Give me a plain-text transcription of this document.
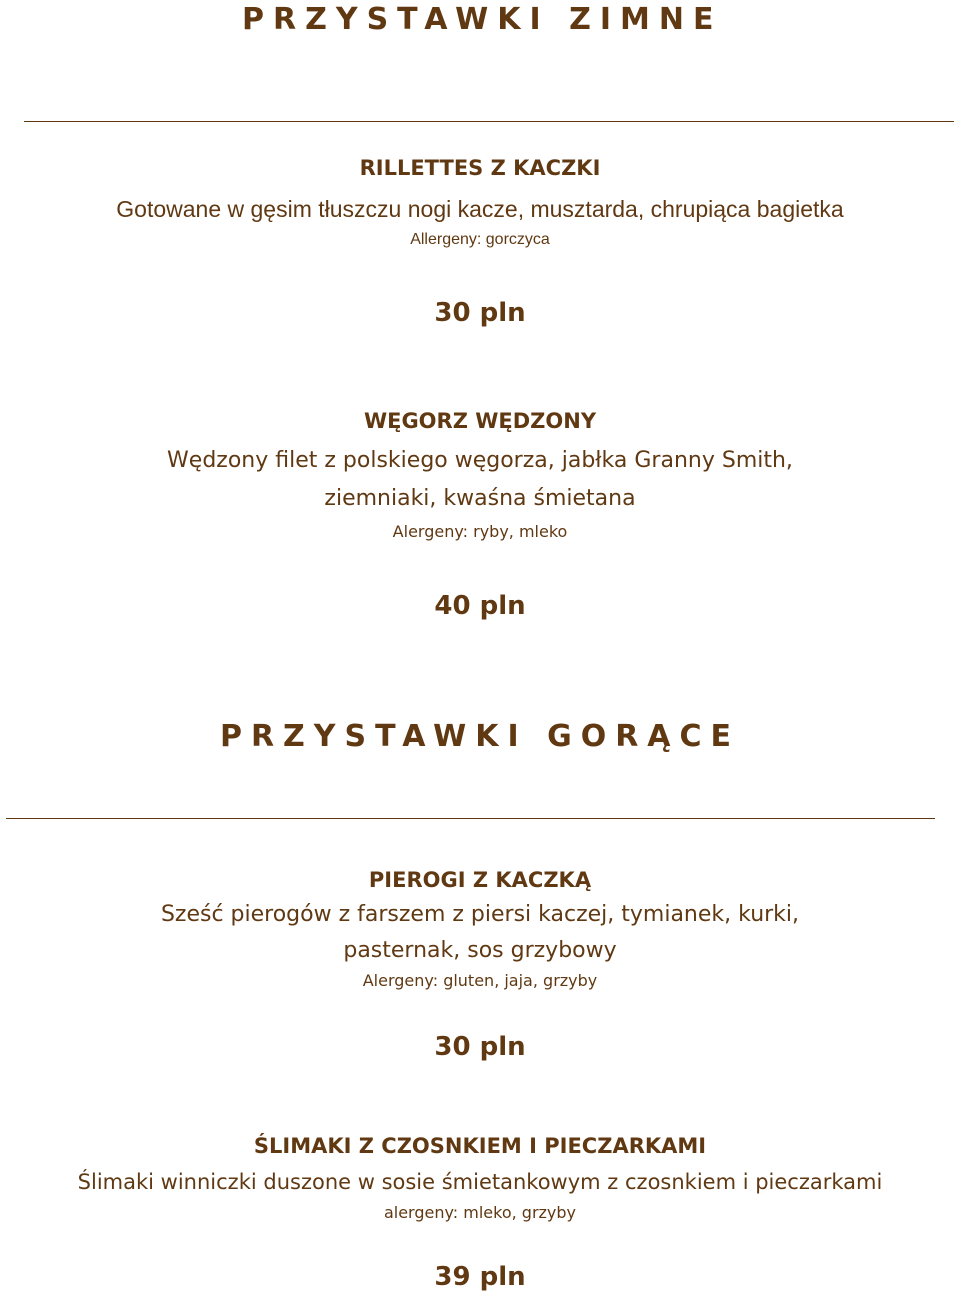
PRZYSTAWKI ZIMNE
RILLETTES Z KACZKI
Gotowane w gęsim tłuszczu nogi kacze, musztarda, chrupiąca bagietka
Allergeny: gorczyca
30 pln
WĘGORZ WĘDZONY
Wędzony filet z polskiego węgorza, jabłka Granny Smith,
ziemniaki, kwaśna śmietana
Alergeny: ryby, mleko
40 pln
PRZYSTAWKI GORĄCE
PIEROGI Z KACZKĄ
Sześć pierogów z farszem z piersi kaczej, tymianek, kurki,
pasternak, sos grzybowy
Alergeny: gluten, jaja, grzyby
30 pln
ŚLIMAKI Z CZOSNKIEM I PIECZARKAMI
Ślimaki winniczki duszone w sosie śmietankowym z czosnkiem i pieczarkami
alergeny: mleko, grzyby
39 pln
